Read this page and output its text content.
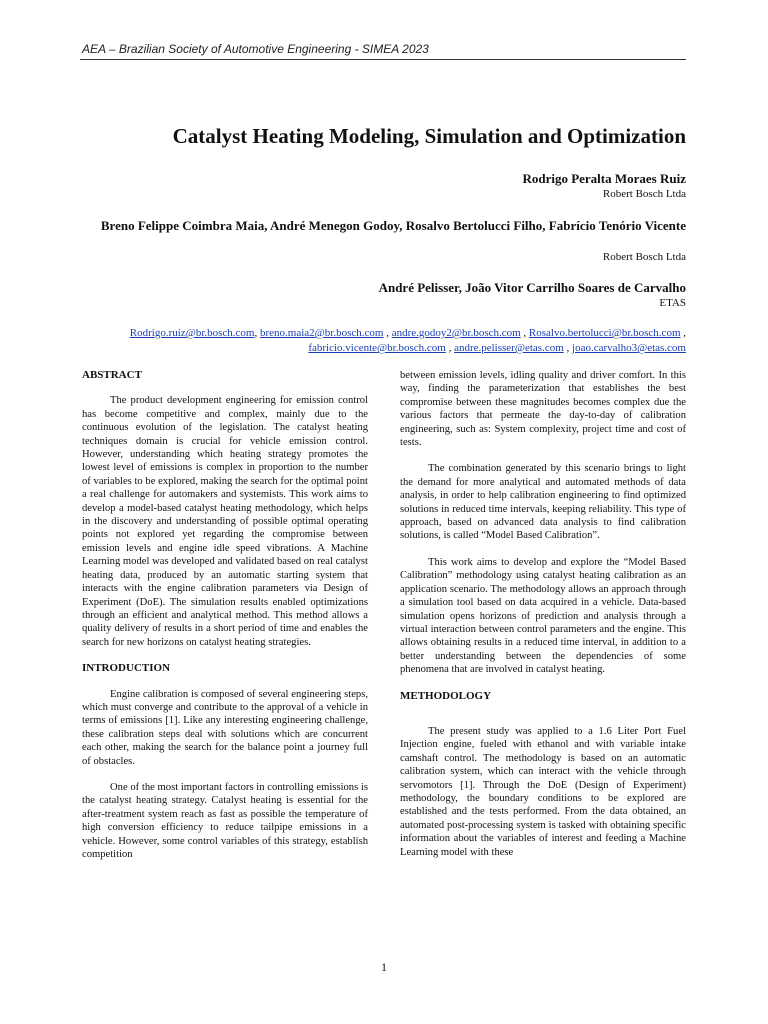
AEA – Brazilian Society of Automotive Engineering - SIMEA 2023
Catalyst Heating Modeling, Simulation and Optimization
Rodrigo Peralta Moraes Ruiz
Robert Bosch Ltda
Breno Felippe Coimbra Maia, André Menegon Godoy, Rosalvo Bertolucci Filho, Fabrício Tenório Vicente
Robert Bosch Ltda
André Pelisser, João Vitor Carrilho Soares de Carvalho
ETAS
Rodrigo.ruiz@br.bosch.com, breno.maia2@br.bosch.com , andre.godoy2@br.bosch.com , Rosalvo.bertolucci@br.bosch.com ,
fabricio.vicente@br.bosch.com , andre.pelisser@etas.com , joao.carvalho3@etas.com
ABSTRACT

The product development engineering for emission control has become competitive and complex, mainly due to the continuous evolution of the legislation. The catalyst heating techniques domain is crucial for vehicle emission control. However, understanding which heating strategy promotes the lowest level of emissions is complex in proportion to the number of variables to be explored, making the search for the optimal point a real challenge for automakers and systemists. This work aims to develop a model-based catalyst heating methodology, which helps in the discovery and understanding of possible optimal operating points not explored yet regarding the compromise between emission levels and engine idle speed vibrations. A Machine Learning model was developed and validated based on real catalyst heating data, produced by an automatic starting system that interacts with the engine calibration parameters via Design of Experiment (DoE). The simulation results enabled optimizations through an efficient and analytical method. This method allows a quality delivery of results in a short period of time and enables the search for new horizons on catalyst heating strategies.

INTRODUCTION

Engine calibration is composed of several engineering steps, which must converge and contribute to the approval of a vehicle in terms of emissions [1]. Like any interesting engineering challenge, these calibration steps deal with solutions which are concurrent each other, making the search for the balance point a journey full of obstacles.

One of the most important factors in controlling emissions is the catalyst heating strategy. Catalyst heating is essential for the after-treatment system reach as fast as possible the temperature of high conversion efficiency to reduce tailpipe emissions in a vehicle. However, some control variables of this strategy, establish competition

between emission levels, idling quality and driver comfort. In this way, finding the parameterization that establishes the best compromise between these magnitudes becomes complex due the various factors that permeate the day-to-day of calibration engineering, such as: System complexity, project time and cost of tests.

The combination generated by this scenario brings to light the demand for more analytical and automated methods of data analysis, in order to help calibration engineering to find optimized solutions in reduced time intervals, keeping reliability. This type of approach, based on advanced data analysis to find calibration solutions, is called “Model Based Calibration”.

This work aims to develop and explore the “Model Based Calibration” methodology using catalyst heating calibration as an application scenario. The methodology allows an approach through a simulation tool based on data acquired in a vehicle. Data-based simulation opens horizons of prediction and analysis through a virtual interaction between control parameters and the engine. This allows obtaining results in a reduced time interval, in addition to a better understanding between the dependencies of some phenomena that are involved in catalyst heating.

METHODOLOGY

The present study was applied to a 1.6 Liter Port Fuel Injection engine, fueled with ethanol and with variable intake camshaft control. The methodology is based on an automatic calibration system, which can interact with the vehicle through servomotors [1]. Through the DoE (Design of Experiment) methodology, the boundary conditions to be explored are established and the tests performed. From the data obtained, an automated post-processing system is tasked with obtaining specific information about the variables of interest and feeding a Machine Learning model with these

1
